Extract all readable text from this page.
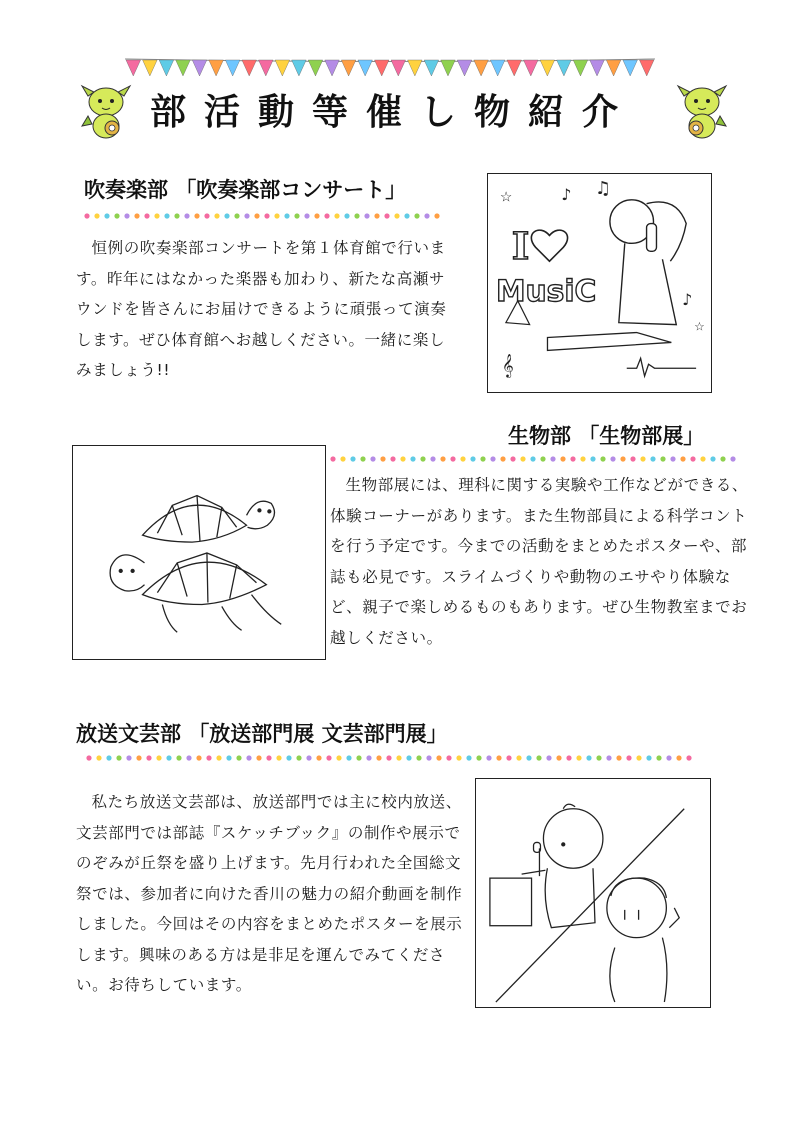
部活動等催し物紹介
吹奏楽部 「吹奏楽部コンサート」
恒例の吹奏楽部コンサートを第１体育館で行います。昨年にはなかった楽器も加わり、新たな高瀬サウンドを皆さんにお届けできるように頑張って演奏します。ぜひ体育館へお越しください。一緒に楽しみましょう!!
I
MusiC
♪ ♫
♪
☆
☆
𝄞
生物部 「生物部展」
生物部展には、理科に関する実験や工作などができる、体験コーナーがあります。また生物部員による科学コントを行う予定です。今までの活動をまとめたポスターや、部誌も必見です。スライムづくりや動物のエサやり体験など、親子で楽しめるものもあります。ぜひ生物教室までお越しください。
放送文芸部 「放送部門展 文芸部門展」
私たち放送文芸部は、放送部門では主に校内放送、文芸部門では部誌『スケッチブック』の制作や展示でのぞみが丘祭を盛り上げます。先月行われた全国総文祭では、参加者に向けた香川の魅力の紹介動画を制作しました。今回はその内容をまとめたポスターを展示します。興味のある方は是非足を運んでみてください。お待ちしています。
